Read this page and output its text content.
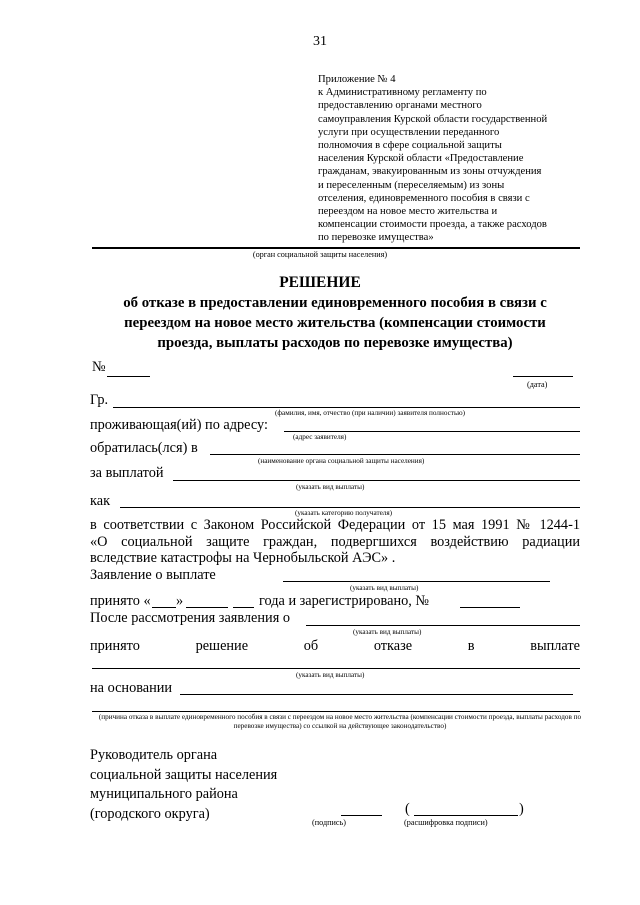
31
Приложение № 4
к Административному регламенту по
предоставлению органами местного
самоуправления Курской области государственной
услуги при осуществлении переданного
полномочия в сфере социальной защиты
населения Курской области «Предоставление
гражданам, эвакуированным из зоны отчуждения
и переселенным (переселяемым) из зоны
отселения, единовременного пособия в связи с
переездом на новое место жительства и
компенсации стоимости проезда, а также расходов
по перевозке имущества»
(орган социальной защиты населения)
РЕШЕНИЕ
об отказе в предоставлении единовременного пособия в связи с
переездом на новое место жительства (компенсации стоимости
проезда, выплаты расходов по перевозке имущества)
№
(дата)
Гр.
(фамилия, имя, отчество (при наличии) заявителя полностью)
проживающая(ий) по адресу:
(адрес заявителя)
обратилась(лся) в
(наименование органа социальной защиты населения)
за выплатой
(указать вид выплаты)
как
(указать категорию получателя)
в соответствии с Законом Российской Федерации от 15 мая 1991 № 1244-1
«О социальной защите граждан, подвергшихся воздействию радиации
вследствие катастрофы на Чернобыльской АЭС» .
Заявление о выплате
(указать вид выплаты)
принято « »	года и зарегистрировано, №
После рассмотрения заявления о
(указать вид выплаты)
принято	решение	об	отказе	в	выплате
(указать вид выплаты)
на основании
(причина отказа в выплате единовременного пособия в связи с переездом на новое место жительства (компенсации стоимости проезда, выплаты расходов по перевозке имущества) со ссылкой на действующее законодательство)
Руководитель органа
социальной защиты населения
муниципального района
(городского округа)
(подпись)
(	)
(расшифровка подписи)
